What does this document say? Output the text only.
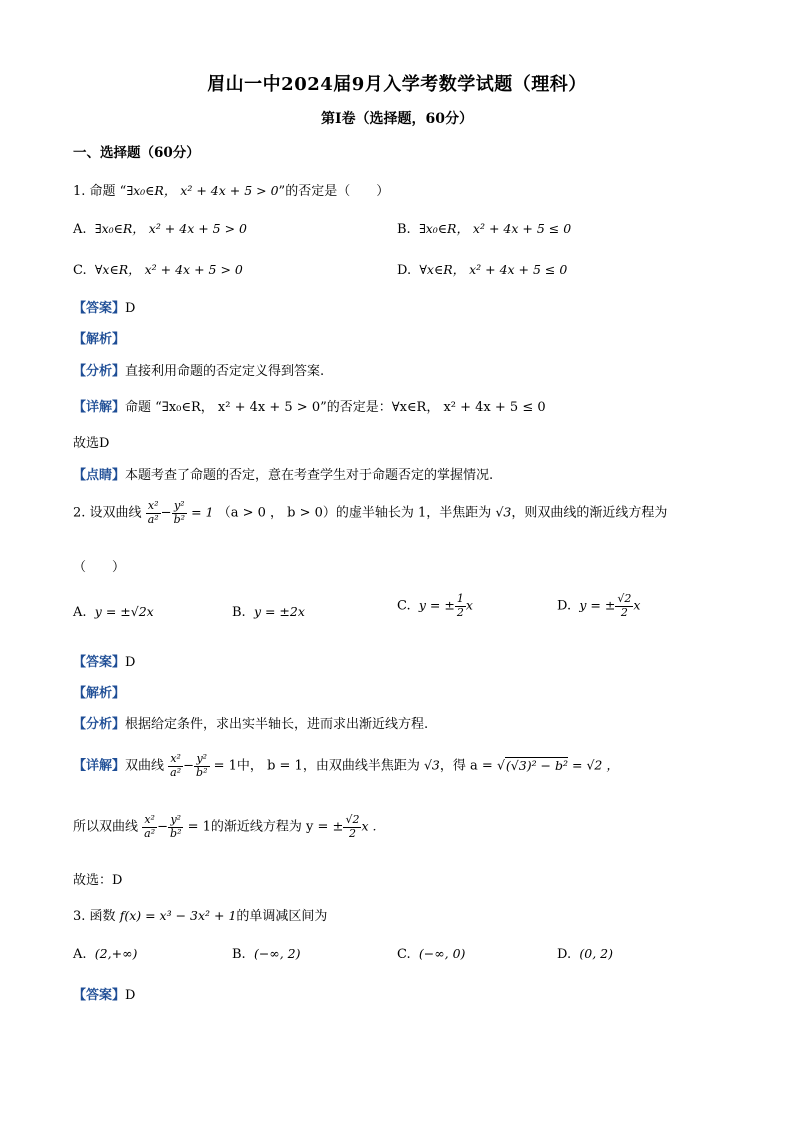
眉山一中2024届9月入学考数学试题（理科）
第Ⅰ卷（选择题，60分）
一、选择题（60分）
1. 命题 “∃x₀∈R， x² + 4x + 5 > 0”的否定是（　　）
A. ∃x₀∈R， x² + 4x + 5 > 0	B. ∃x₀∈R， x² + 4x + 5 ≤ 0
C. ∀x∈R， x² + 4x + 5 > 0	D. ∀x∈R， x² + 4x + 5 ≤ 0
【答案】D
【解析】
【分析】直接利用命题的否定定义得到答案.
【详解】命题 “∃x₀∈R， x² + 4x + 5 > 0”的否定是：∀x∈R， x² + 4x + 5 ≤ 0
故选D
【点睛】本题考查了命题的否定，意在考查学生对于命题否定的掌握情况.
2. 设双曲线 $\frac{\text{x²}}{\text{a²}} - \frac{\text{y²}}{\text{b²}} = 1$ （a > 0 ， b > 0）的虚半轴长为 1，半焦距为 √3，则双曲线的渐近线方程为
（　　）
A. y = ±√2x	B. y = ±2x	C. y = ± $\frac{1}{2}$ x	D. y = ± $\frac{√2}{2}$ x
【答案】D
【解析】
【分析】根据给定条件，求出实半轴长，进而求出渐近线方程.
【详解】双曲线 $\frac{\text{x²}}{\text{a²}} - \frac{\text{y²}}{\text{b²}} = 1$中， b = 1，由双曲线半焦距为 √3，得 a = √(√3)² − b² = √2 ，
所以双曲线 $\frac{\text{x²}}{\text{a²}} - \frac{\text{y²}}{\text{b²}} = 1$的渐近线方程为 y = ± $\frac{√2}{2}$ x .
故选：D
3. 函数 f(x) = x³ − 3x² + 1的单调减区间为
A. (2,+∞)	B. (−∞, 2)	C. (−∞, 0)	D. (0, 2)
【答案】D
